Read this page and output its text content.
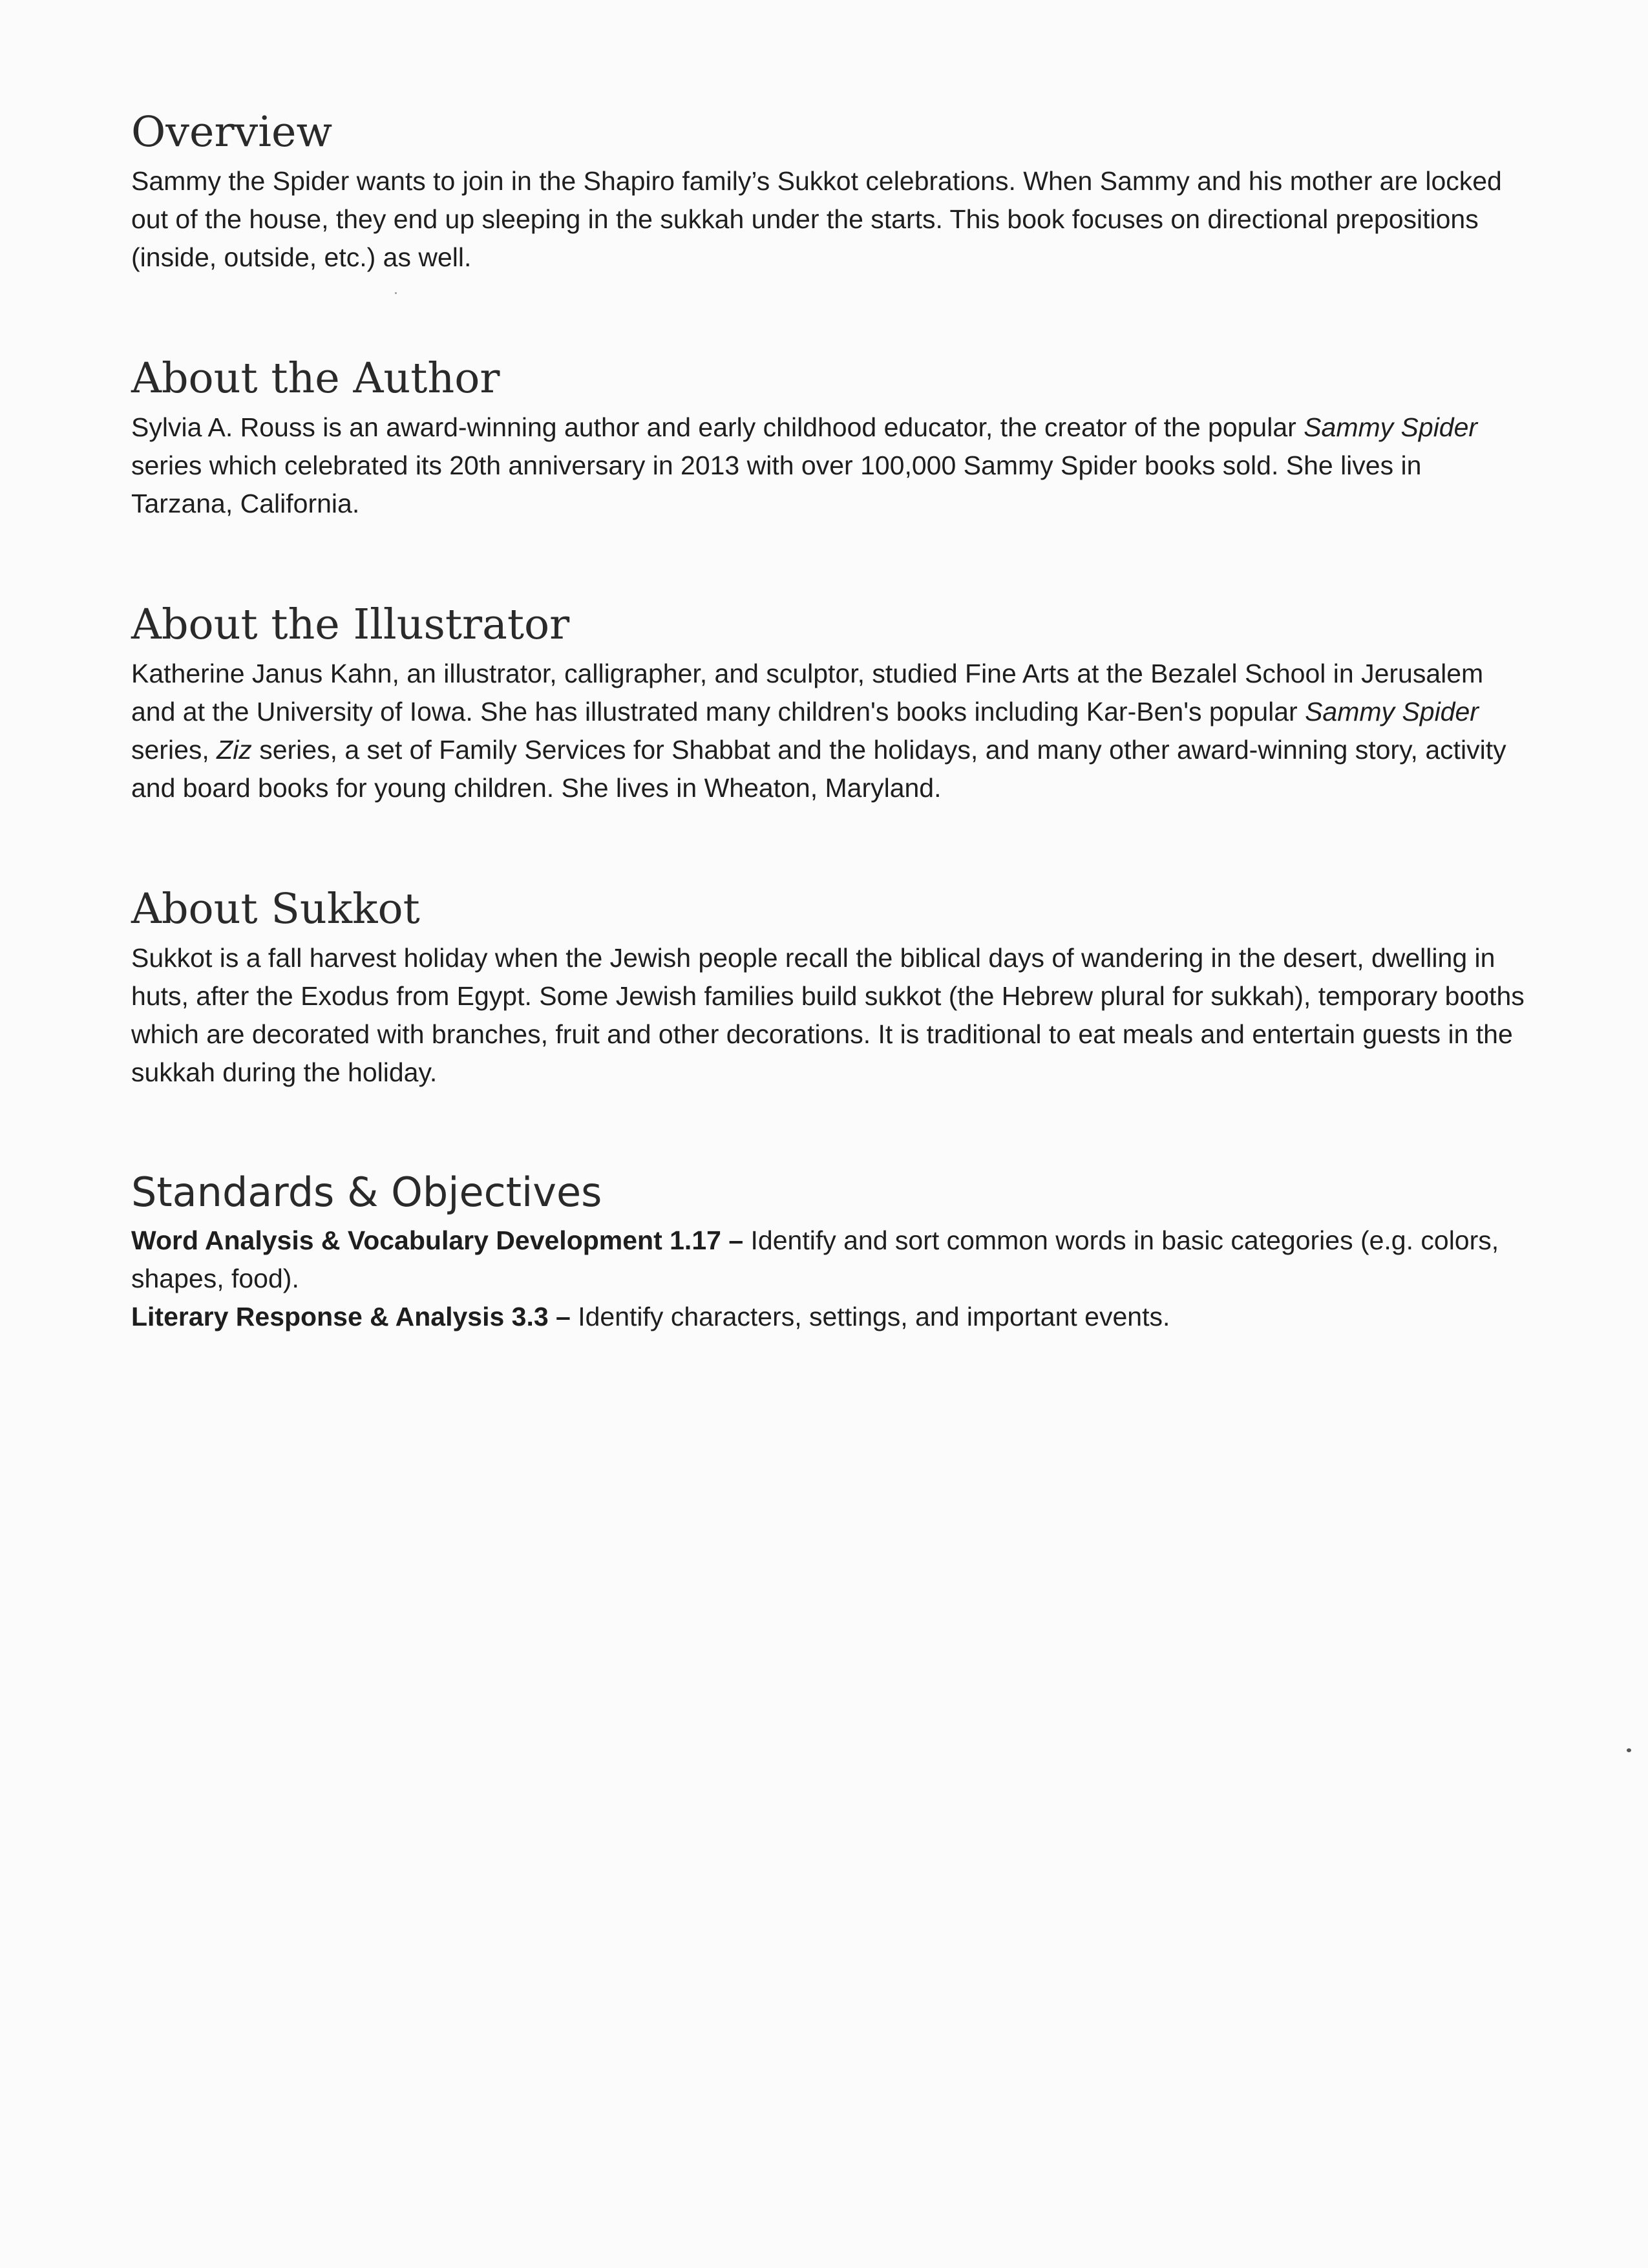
Overview

Sammy the Spider wants to join in the Shapiro family’s Sukkot celebrations. When Sammy and his mother are locked out of the house, they end up sleeping in the sukkah under the starts. This book focuses on directional prepositions (inside, outside, etc.) as well.

About the Author

Sylvia A. Rouss is an award-winning author and early childhood educator, the creator of the popular Sammy Spider series which celebrated its 20th anniversary in 2013 with over 100,000 Sammy Spider books sold. She lives in Tarzana, California.

About the Illustrator

Katherine Janus Kahn, an illustrator, calligrapher, and sculptor, studied Fine Arts at the Bezalel School in Jerusalem and at the University of Iowa. She has illustrated many children's books including Kar-Ben's popular Sammy Spider series, Ziz series, a set of Family Services for Shabbat and the holidays, and many other award-winning story, activity and board books for young children. She lives in Wheaton, Maryland.

About Sukkot

Sukkot is a fall harvest holiday when the Jewish people recall the biblical days of wandering in the desert, dwelling in huts, after the Exodus from Egypt. Some Jewish families build sukkot (the Hebrew plural for sukkah), temporary booths which are decorated with branches, fruit and other decorations. It is traditional to eat meals and entertain guests in the sukkah during the holiday.

Standards & Objectives

Word Analysis & Vocabulary Development 1.17 – Identify and sort common words in basic categories (e.g. colors, shapes, food).

Literary Response & Analysis 3.3 – Identify characters, settings, and important events.
